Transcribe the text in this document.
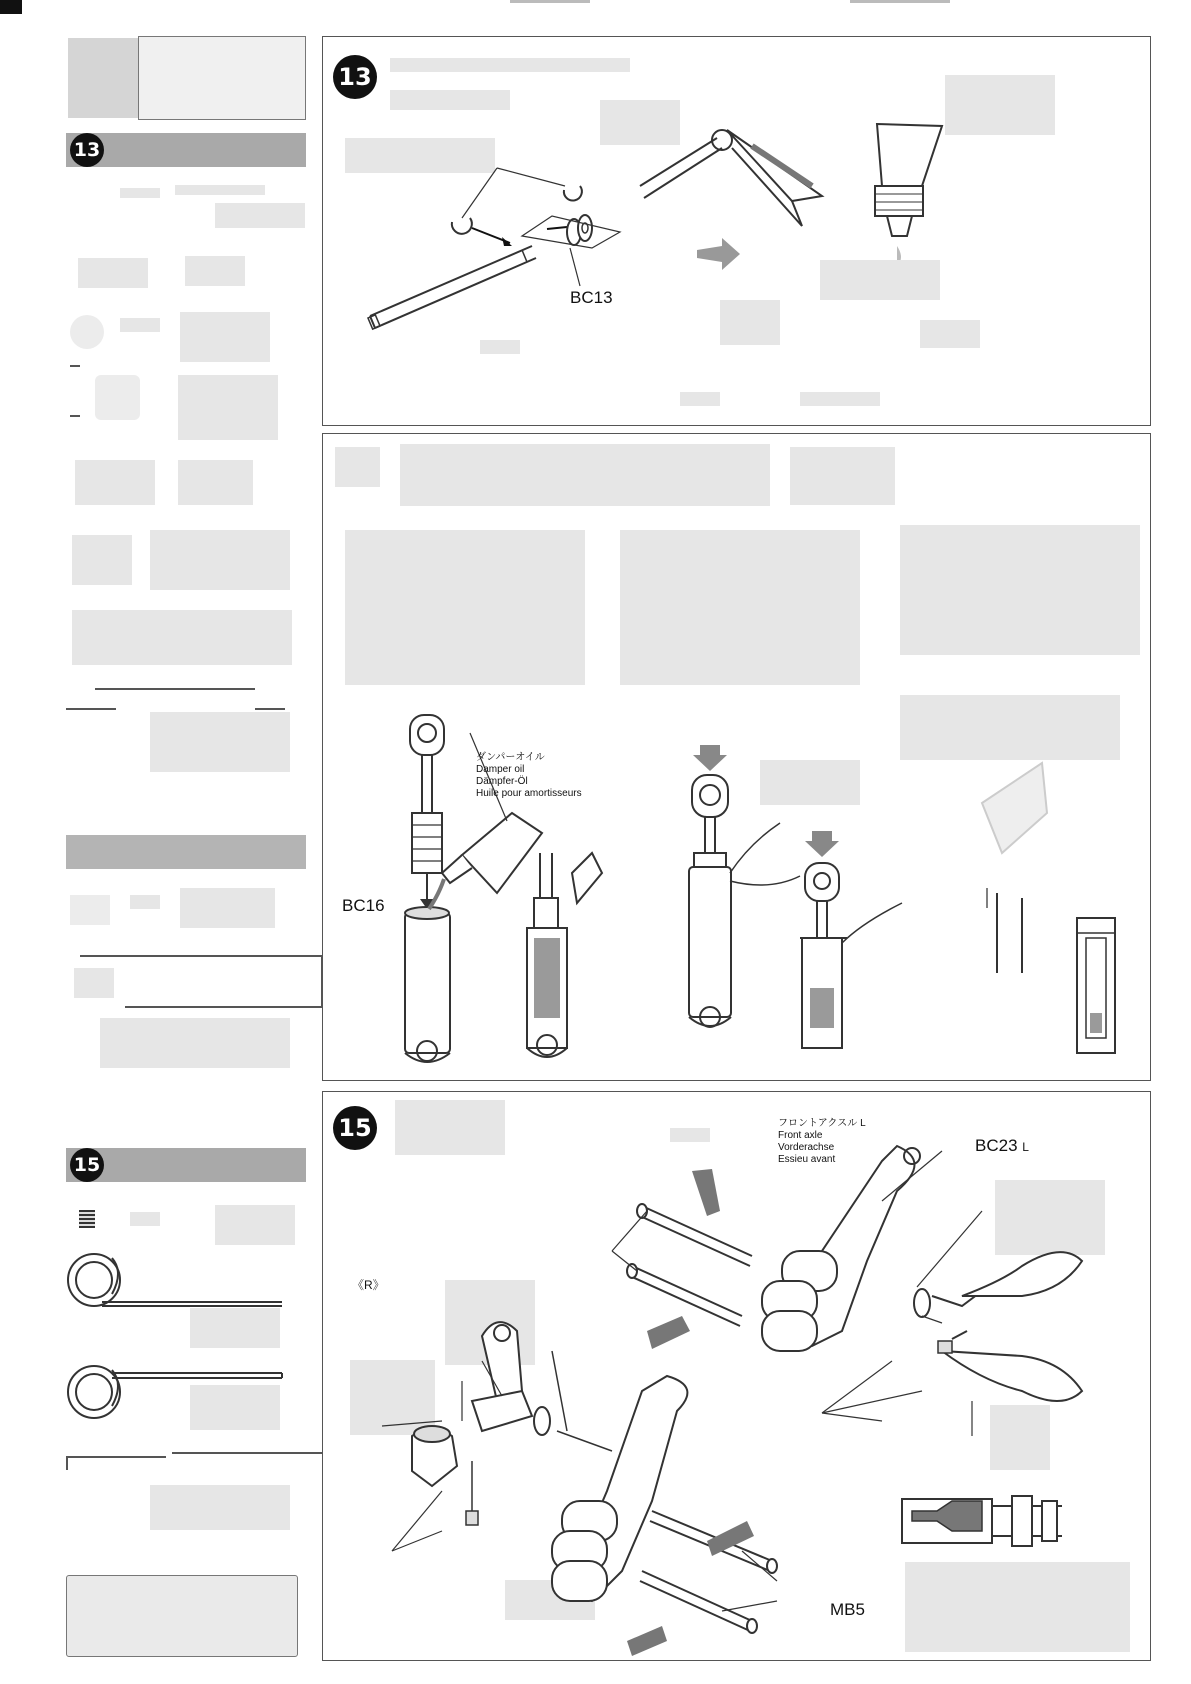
13
15
13
BC13
BC16
ダンパーオイル
Damper oil
Dämpfer-Öl
Huile pour amortisseurs
15	フロントアクスル L
Front axle
Vorderachse
Essieu avant
BC23 L
MB5
《R》
